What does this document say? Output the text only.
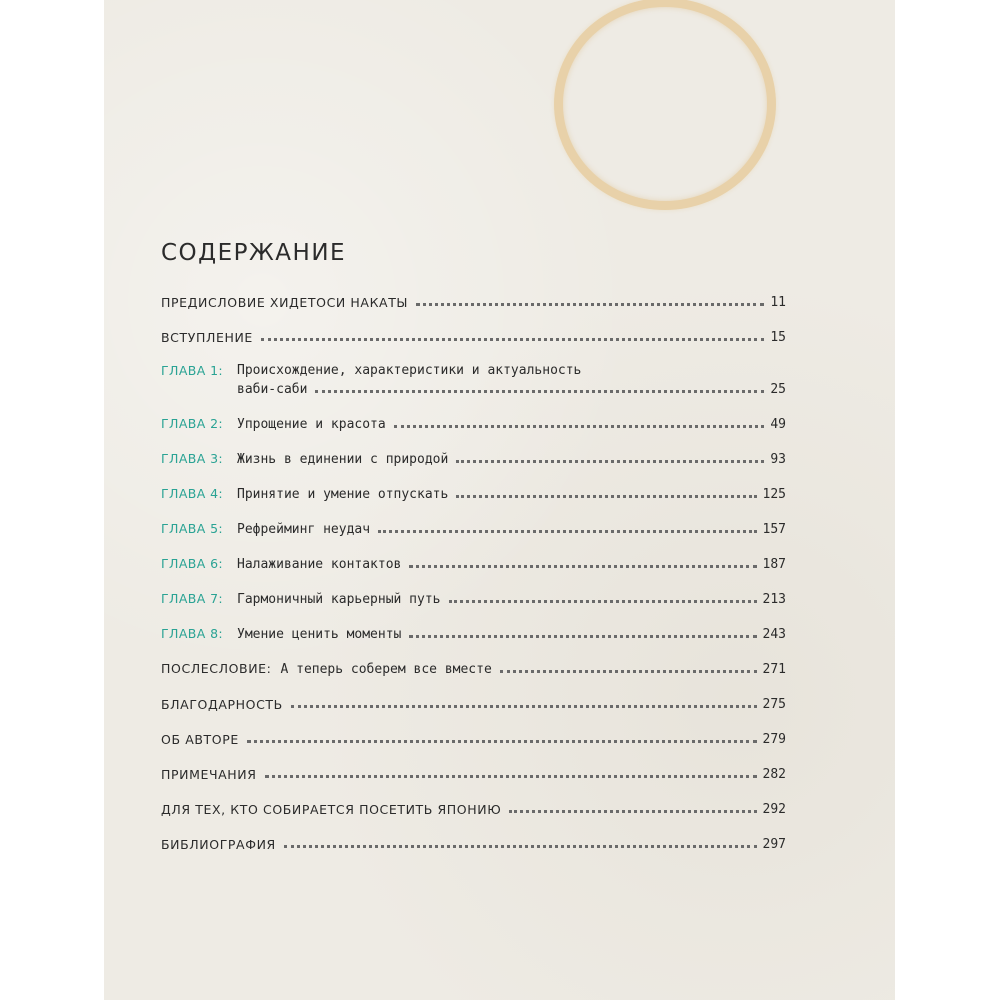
СОДЕРЖАНИЕ
ПРЕДИСЛОВИЕ ХИДЕТОСИ НАКАТЫ	11
ВСТУПЛЕНИЕ	15
ГЛАВА 1:	Происхождение, характеристики и актуальность
ваби-саби	25
ГЛАВА 2:	Упрощение и красота	49
ГЛАВА 3:	Жизнь в единении с природой	93
ГЛАВА 4:	Принятие и умение отпускать	125
ГЛАВА 5:	Рефрейминг неудач	157
ГЛАВА 6:	Налаживание контактов	187
ГЛАВА 7:	Гармоничный карьерный путь	213
ГЛАВА 8:	Умение ценить моменты	243
ПОСЛЕСЛОВИЕ: А теперь соберем все вместе	271
БЛАГОДАРНОСТЬ	275
ОБ АВТОРЕ	279
ПРИМЕЧАНИЯ	282
ДЛЯ ТЕХ, КТО СОБИРАЕТСЯ ПОСЕТИТЬ ЯПОНИЮ	292
БИБЛИОГРАФИЯ	297
